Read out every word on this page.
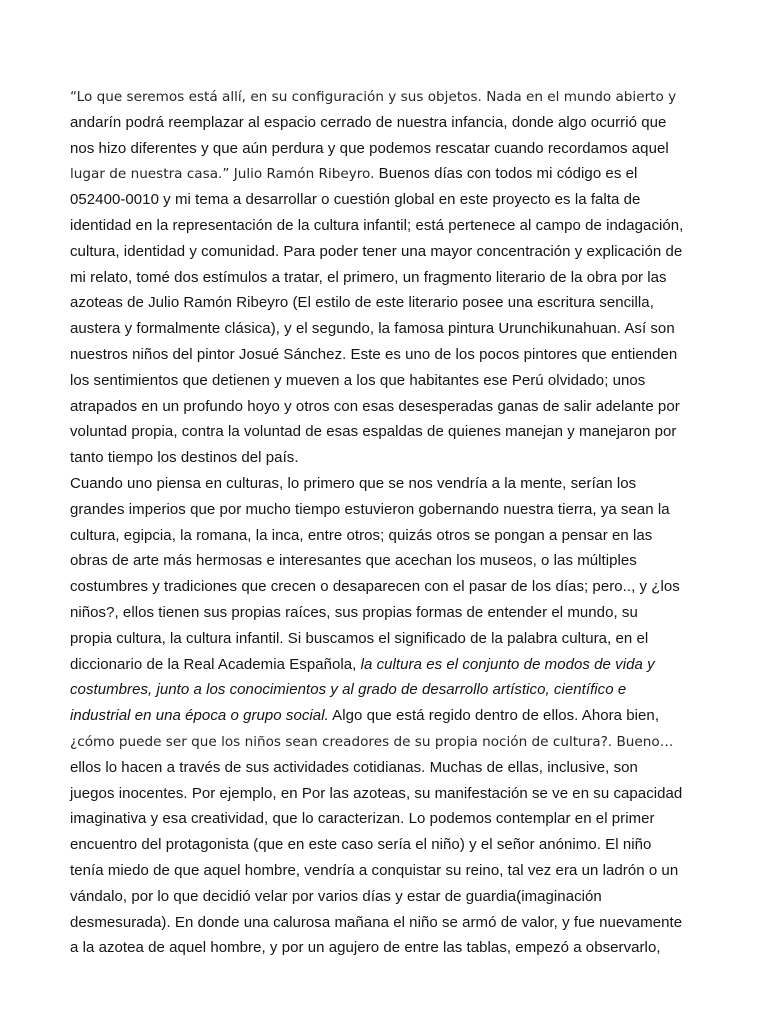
“Lo que seremos está allí, en su configuración y sus objetos. Nada en el mundo abierto y
andarín podrá reemplazar al espacio cerrado de nuestra infancia, donde algo ocurrió que
nos hizo diferentes y que aún perdura y que podemos rescatar cuando recordamos aquel
lugar de nuestra casa.” Julio Ramón Ribeyro. Buenos días con todos mi código es el
052400-0010 y mi tema a desarrollar o cuestión global en este proyecto es la falta de
identidad en la representación de la cultura infantil; está pertenece al campo de indagación,
cultura, identidad y comunidad. Para poder tener una mayor concentración y explicación de
mi relato, tomé dos estímulos a tratar, el primero, un fragmento literario de la obra por las
azoteas de Julio Ramón Ribeyro (El estilo de este literario posee una escritura sencilla,
austera y formalmente clásica), y el segundo, la famosa pintura Urunchikunahuan. Así son
nuestros niños del pintor Josué Sánchez. Este es uno de los pocos pintores que entienden
los sentimientos que detienen y mueven a los que habitantes ese Perú olvidado; unos
atrapados en un profundo hoyo y otros con esas desesperadas ganas de salir adelante por
voluntad propia, contra la voluntad de esas espaldas de quienes manejan y manejaron por
tanto tiempo los destinos del país.
Cuando uno piensa en culturas, lo primero que se nos vendría a la mente, serían los
grandes imperios que por mucho tiempo estuvieron gobernando nuestra tierra, ya sean la
cultura, egipcia, la romana, la inca, entre otros; quizás otros se pongan a pensar en las
obras de arte más hermosas e interesantes que acechan los museos, o las múltiples
costumbres y tradiciones que crecen o desaparecen con el pasar de los días; pero.., y ¿los
niños?, ellos tienen sus propias raíces, sus propias formas de entender el mundo, su
propia cultura, la cultura infantil. Si buscamos el significado de la palabra cultura, en el
diccionario de la Real Academia Española, la cultura es el conjunto de modos de vida y
costumbres, junto a los conocimientos y al grado de desarrollo artístico, científico e
industrial en una época o grupo social. Algo que está regido dentro de ellos. Ahora bien,
¿cómo puede ser que los niños sean creadores de su propia noción de cultura?. Bueno…
ellos lo hacen a través de sus actividades cotidianas. Muchas de ellas, inclusive, son
juegos inocentes. Por ejemplo, en Por las azoteas, su manifestación se ve en su capacidad
imaginativa y esa creatividad, que lo caracterizan. Lo podemos contemplar en el primer
encuentro del protagonista (que en este caso sería el niño) y el señor anónimo. El niño
tenía miedo de que aquel hombre, vendría a conquistar su reino, tal vez era un ladrón o un
vándalo, por lo que decidió velar por varios días y estar de guardia(imaginación
desmesurada). En donde una calurosa mañana el niño se armó de valor, y fue nuevamente
a la azotea de aquel hombre, y por un agujero de entre las tablas, empezó a observarlo,
